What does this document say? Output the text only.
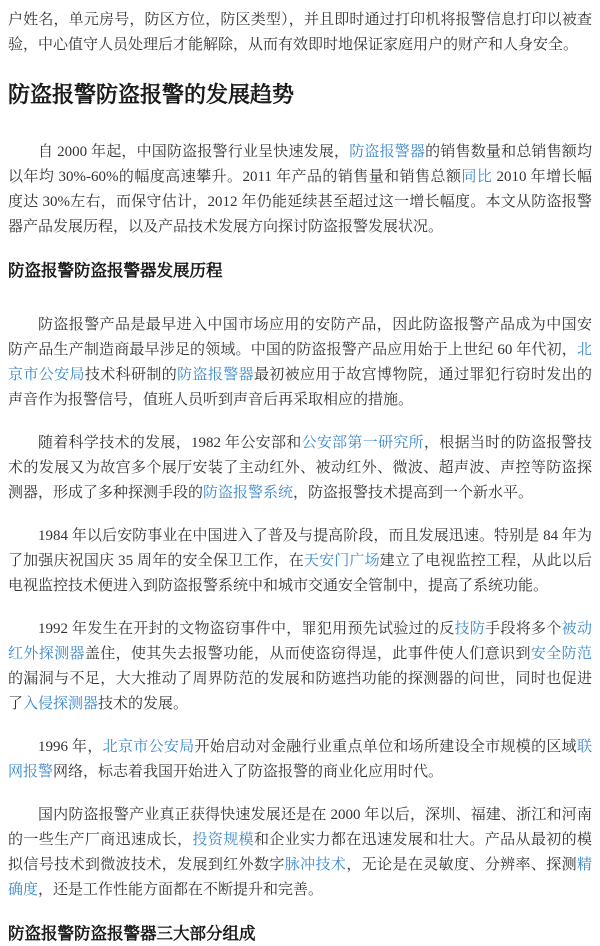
户姓名，单元房号，防区方位，防区类型），并且即时通过打印机将报警信息打印以被查验，中心值守人员处理后才能解除，从而有效即时地保证家庭用户的财产和人身安全。

防盗报警防盗报警的发展趋势

自 2000 年起，中国防盗报警行业呈快速发展，防盗报警器的销售数量和总销售额均以年均 30%-60%的幅度高速攀升。2011 年产品的销售量和销售总额同比 2010 年增长幅度达 30%左右，而保守估计，2012 年仍能延续甚至超过这一增长幅度。本文从防盗报警器产品发展历程，以及产品技术发展方向探讨防盗报警发展状况。

防盗报警防盗报警器发展历程

防盗报警产品是最早进入中国市场应用的安防产品，因此防盗报警产品成为中国安防产品生产制造商最早涉足的领域。中国的防盗报警产品应用始于上世纪 60 年代初，北京市公安局技术科研制的防盗报警器最初被应用于故宫博物院，通过罪犯行窃时发出的声音作为报警信号，值班人员听到声音后再采取相应的措施。

随着科学技术的发展，1982 年公安部和公安部第一研究所，根据当时的防盗报警技术的发展又为故宫多个展厅安装了主动红外、被动红外、微波、超声波、声控等防盗探测器，形成了多种探测手段的防盗报警系统，防盗报警技术提高到一个新水平。

1984 年以后安防事业在中国进入了普及与提高阶段，而且发展迅速。特别是 84 年为了加强庆祝国庆 35 周年的安全保卫工作，在天安门广场建立了电视监控工程，从此以后电视监控技术便进入到防盗报警系统中和城市交通安全管制中，提高了系统功能。

1992 年发生在开封的文物盗窃事件中，罪犯用预先试验过的反技防手段将多个被动红外探测器盖住，使其失去报警功能，从而使盗窃得逞，此事件使人们意识到安全防范的漏洞与不足，大大推动了周界防范的发展和防遮挡功能的探测器的问世，同时也促进了入侵探测器技术的发展。

1996 年，北京市公安局开始启动对金融行业重点单位和场所建设全市规模的区域联网报警网络，标志着我国开始进入了防盗报警的商业化应用时代。

国内防盗报警产业真正获得快速发展还是在 2000 年以后，深圳、福建、浙江和河南的一些生产厂商迅速成长，投资规模和企业实力都在迅速发展和壮大。产品从最初的模拟信号技术到微波技术，发展到红外数字脉冲技术，无论是在灵敏度、分辨率、探测精确度，还是工作性能方面都在不断提升和完善。

防盗报警防盗报警器三大部分组成
